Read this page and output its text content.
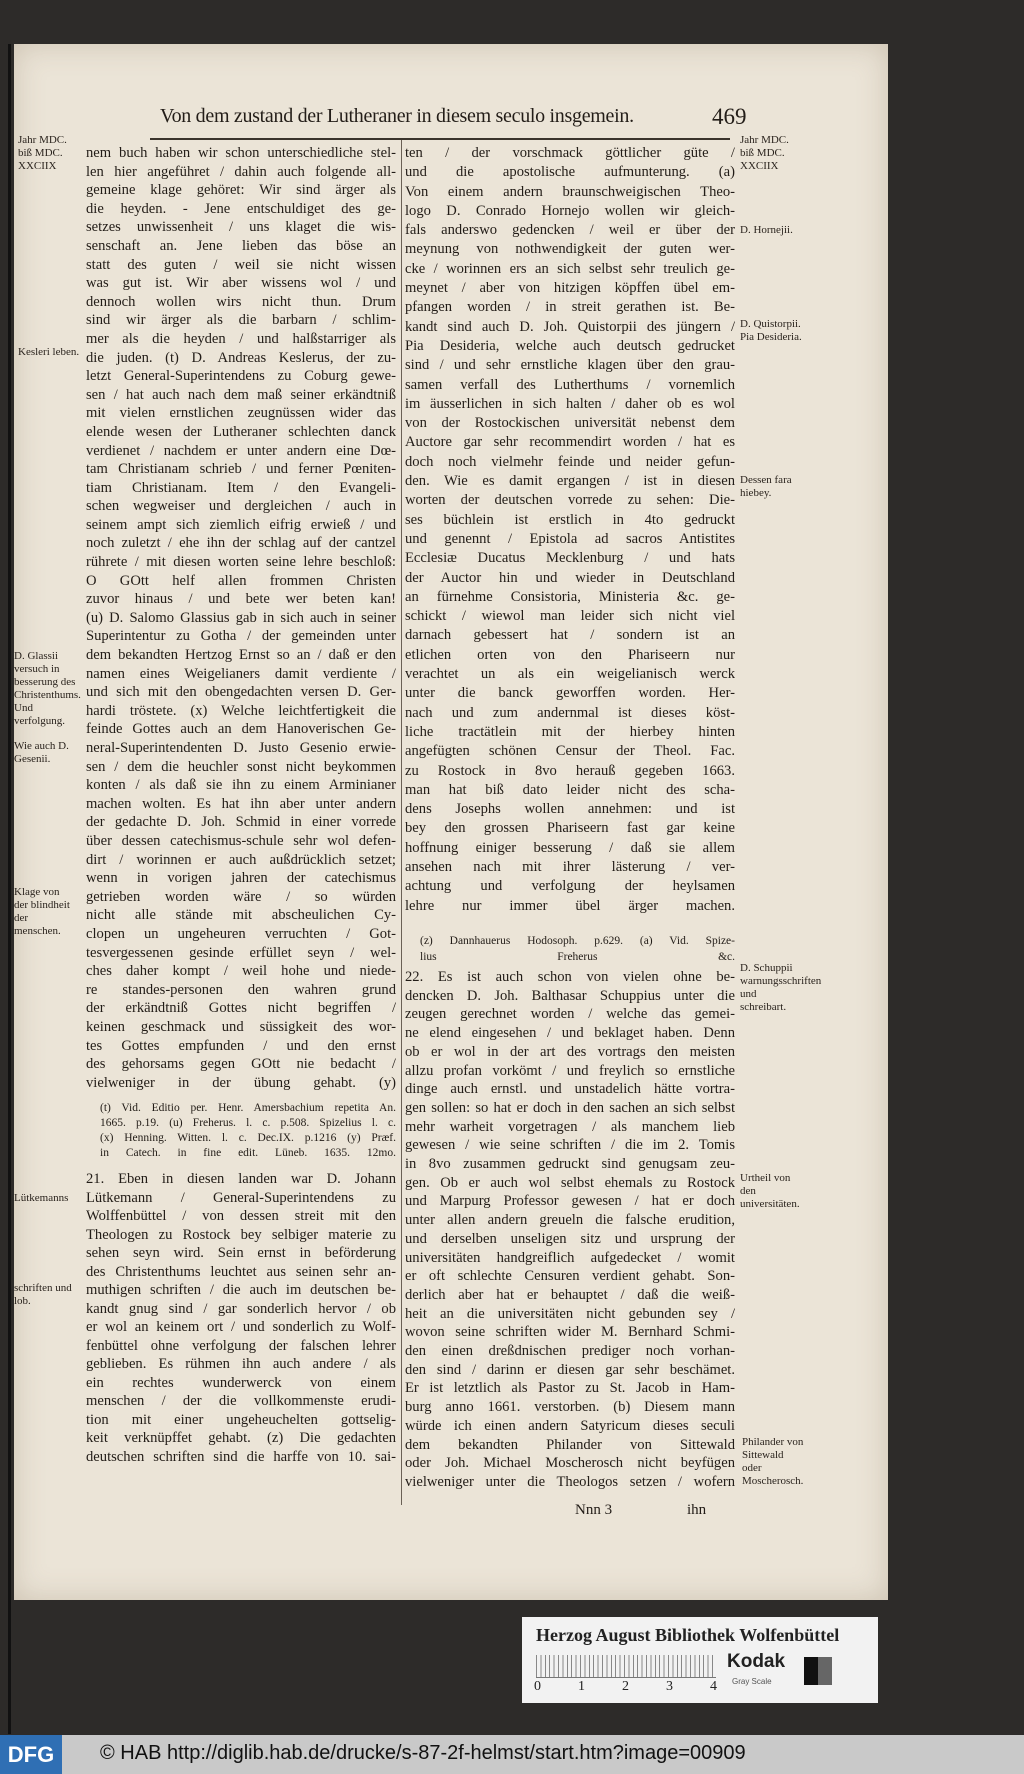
Von dem zustand der Lutheraner in diesem seculo insgemein.	469
nem buch haben wir schon unterschiedliche stel-
len hier angeführet / dahin auch folgende all-
gemeine klage gehöret: Wir sind ärger als
die heyden. - Jene entschuldiget des ge-
setzes unwissenheit / uns klaget die wis-
senschaft an. Jene lieben das böse an
statt des guten / weil sie nicht wissen
was gut ist. Wir aber wissens wol / und
dennoch wollen wirs nicht thun. Drum
sind wir ärger als die barbarn / schlim-
mer als die heyden / und halßstarriger als
die juden. (t) D. Andreas Keslerus, der zu-
letzt General-Superintendens zu Coburg gewe-
sen / hat auch nach dem maß seiner erkändtniß
mit vielen ernstlichen zeugnüssen wider das
elende wesen der Lutheraner schlechten danck
verdienet / nachdem er unter andern eine Dœ-
tam Christianam schrieb / und ferner Pœniten-
tiam Christianam. Item / den Evangeli-
schen wegweiser und dergleichen / auch in
seinem ampt sich ziemlich eifrig erwieß / und
noch zuletzt / ehe ihn der schlag auf der cantzel
rührete / mit diesen worten seine lehre beschloß:
O GOtt helf allen frommen Christen
zuvor hinaus / und bete wer beten kan!
(u) D. Salomo Glassius gab in sich auch in seiner
Superintentur zu Gotha / der gemeinden unter
dem bekandten Hertzog Ernst so an / daß er den
namen eines Weigelianers damit verdiente /
und sich mit den obengedachten versen D. Ger-
hardi tröstete. (x) Welche leichtfertigkeit die
feinde Gottes auch an dem Hanoverischen Ge-
neral-Superintendenten D. Justo Gesenio erwie-
sen / dem die heuchler sonst nicht beykommen
konten / als daß sie ihn zu einem Arminianer
machen wolten. Es hat ihn aber unter andern
der gedachte D. Joh. Schmid in einer vorrede
über dessen catechismus-schule sehr wol defen-
dirt / worinnen er auch außdrücklich setzet;
wenn in vorigen jahren der catechismus
getrieben worden wäre / so würden
nicht alle stände mit abscheulichen Cy-
clopen un ungeheuren verruchten / Got-
tesvergessenen gesinde erfüllet seyn / wel-
ches daher kompt / weil hohe und niede-
re standes-personen den wahren grund
der erkändtniß Gottes nicht begriffen /
keinen geschmack und süssigkeit des wor-
tes Gottes empfunden / und den ernst
des gehorsams gegen GOtt nie bedacht /
vielweniger in der übung gehabt. (y)
(t) Vid. Editio per. Henr. Amersbachium repetita An.
1665. p.19. (u) Freherus. l. c. p.508. Spizelius l. c.
(x) Henning. Witten. l. c. Dec.IX. p.1216 (y) Præf.
in Catech. in fine edit. Lüneb. 1635. 12mo.
21. Eben in diesen landen war D. Johann
Lütkemann / General-Superintendens zu
Wolffenbüttel / von dessen streit mit den
Theologen zu Rostock bey selbiger materie zu
sehen seyn wird. Sein ernst in beförderung
des Christenthums leuchtet aus seinen sehr an-
muthigen schriften / die auch im deutschen be-
kandt gnug sind / gar sonderlich hervor / ob
er wol an keinem ort / und sonderlich zu Wolf-
fenbüttel ohne verfolgung der falschen lehrer
geblieben. Es rühmen ihn auch andere / als
ein rechtes wunderwerck von einem
menschen / der die vollkommenste erudi-
tion mit einer ungeheuchelten gottselig-
keit verknüpffet gehabt. (z) Die gedachten
deutschen schriften sind die harffe von 10. sai-
ten / der vorschmack göttlicher güte /
und die apostolische aufmunterung. (a)
Von einem andern braunschweigischen Theo-
logo D. Conrado Hornejo wollen wir gleich-
fals anderswo gedencken / weil er über der
meynung von nothwendigkeit der guten wer-
cke / worinnen ers an sich selbst sehr treulich ge-
meynet / aber von hitzigen köpffen übel em-
pfangen worden / in streit gerathen ist. Be-
kandt sind auch D. Joh. Quistorpii des jüngern /
Pia Desideria, welche auch deutsch gedrucket
sind / und sehr ernstliche klagen über den grau-
samen verfall des Lutherthums / vornemlich
im äusserlichen in sich halten / daher ob es wol
von der Rostockischen universität nebenst dem
Auctore gar sehr recommendirt worden / hat es
doch noch vielmehr feinde und neider gefun-
den. Wie es damit ergangen / ist in diesen
worten der deutschen vorrede zu sehen: Die-
ses büchlein ist erstlich in 4to gedruckt
und genennt / Epistola ad sacros Antistites
Ecclesiæ Ducatus Mecklenburg / und hats
der Auctor hin und wieder in Deutschland
an fürnehme Consistoria, Ministeria &c. ge-
schickt / wiewol man leider sich nicht viel
darnach gebessert hat / sondern ist an
etlichen orten von den Phariseern nur
verachtet un als ein weigelianisch werck
unter die banck geworffen worden. Her-
nach und zum andernmal ist dieses köst-
liche tractätlein mit der hierbey hinten
angefügten schönen Censur der Theol. Fac.
zu Rostock in 8vo herauß gegeben 1663.
man hat biß dato leider nicht des scha-
dens Josephs wollen annehmen: und ist
bey den grossen Phariseern fast gar keine
hoffnung einiger besserung / daß sie allem
ansehen nach mit ihrer lästerung / ver-
achtung und verfolgung der heylsamen
lehre nur immer übel ärger machen.
(z) Dannhauerus Hodosoph. p.629. (a) Vid. Spize-
lius Freherus &c.
22. Es ist auch schon von vielen ohne be-
dencken D. Joh. Balthasar Schuppius unter die
zeugen gerechnet worden / welche das gemei-
ne elend eingesehen / und beklaget haben. Denn
ob er wol in der art des vortrags den meisten
allzu profan vorkömt / und freylich so ernstliche
dinge auch ernstl. und unstadelich hätte vortra-
gen sollen: so hat er doch in den sachen an sich selbst
mehr warheit vorgetragen / als manchem lieb
gewesen / wie seine schriften / die im 2. Tomis
in 8vo zusammen gedruckt sind genugsam zeu-
gen. Ob er auch wol selbst ehemals zu Rostock
und Marpurg Professor gewesen / hat er doch
unter allen andern greueln die falsche erudition,
und derselben unseligen sitz und ursprung der
universitäten handgreiflich aufgedecket / womit
er oft schlechte Censuren verdient gehabt. Son-
derlich aber hat er behauptet / daß die weiß-
heit an die universitäten nicht gebunden sey /
wovon seine schriften wider M. Bernhard Schmi-
den einen dreßdnischen prediger noch vorhan-
den sind / darinn er diesen gar sehr beschämet.
Er ist letztlich als Pastor zu St. Jacob in Ham-
burg anno 1661. verstorben. (b) Diesem mann
würde ich einen andern Satyricum dieses seculi
dem bekandten Philander von Sittewald
oder Joh. Michael Moscherosch nicht beyfügen
vielweniger unter die Theologos setzen / wofern
Jahr MDC. biß MDC. XXCIIX
Kesleri leben.
D. Glassii versuch in besserung des Christenthums. Und verfolgung.
Wie auch D. Gesenii.
Klage von der blindheit der menschen.
Lütkemanns
schriften und lob.
Jahr MDC. biß MDC. XXCIIX
D. Hornejii.
D. Quistorpii. Pia Desideria.
Dessen fara hiebey.
D. Schuppii warnungsschriften und schreibart.
Urtheil von den universitäten.
Philander von Sittewald oder Moscherosch.
Nnn 3	ihn
Herzog August Bibliothek Wolfenbüttel
0	1	2	3	4
Kodak
Gray Scale
DFG	© HAB http://diglib.hab.de/drucke/s-87-2f-helmst/start.htm?image=00909
